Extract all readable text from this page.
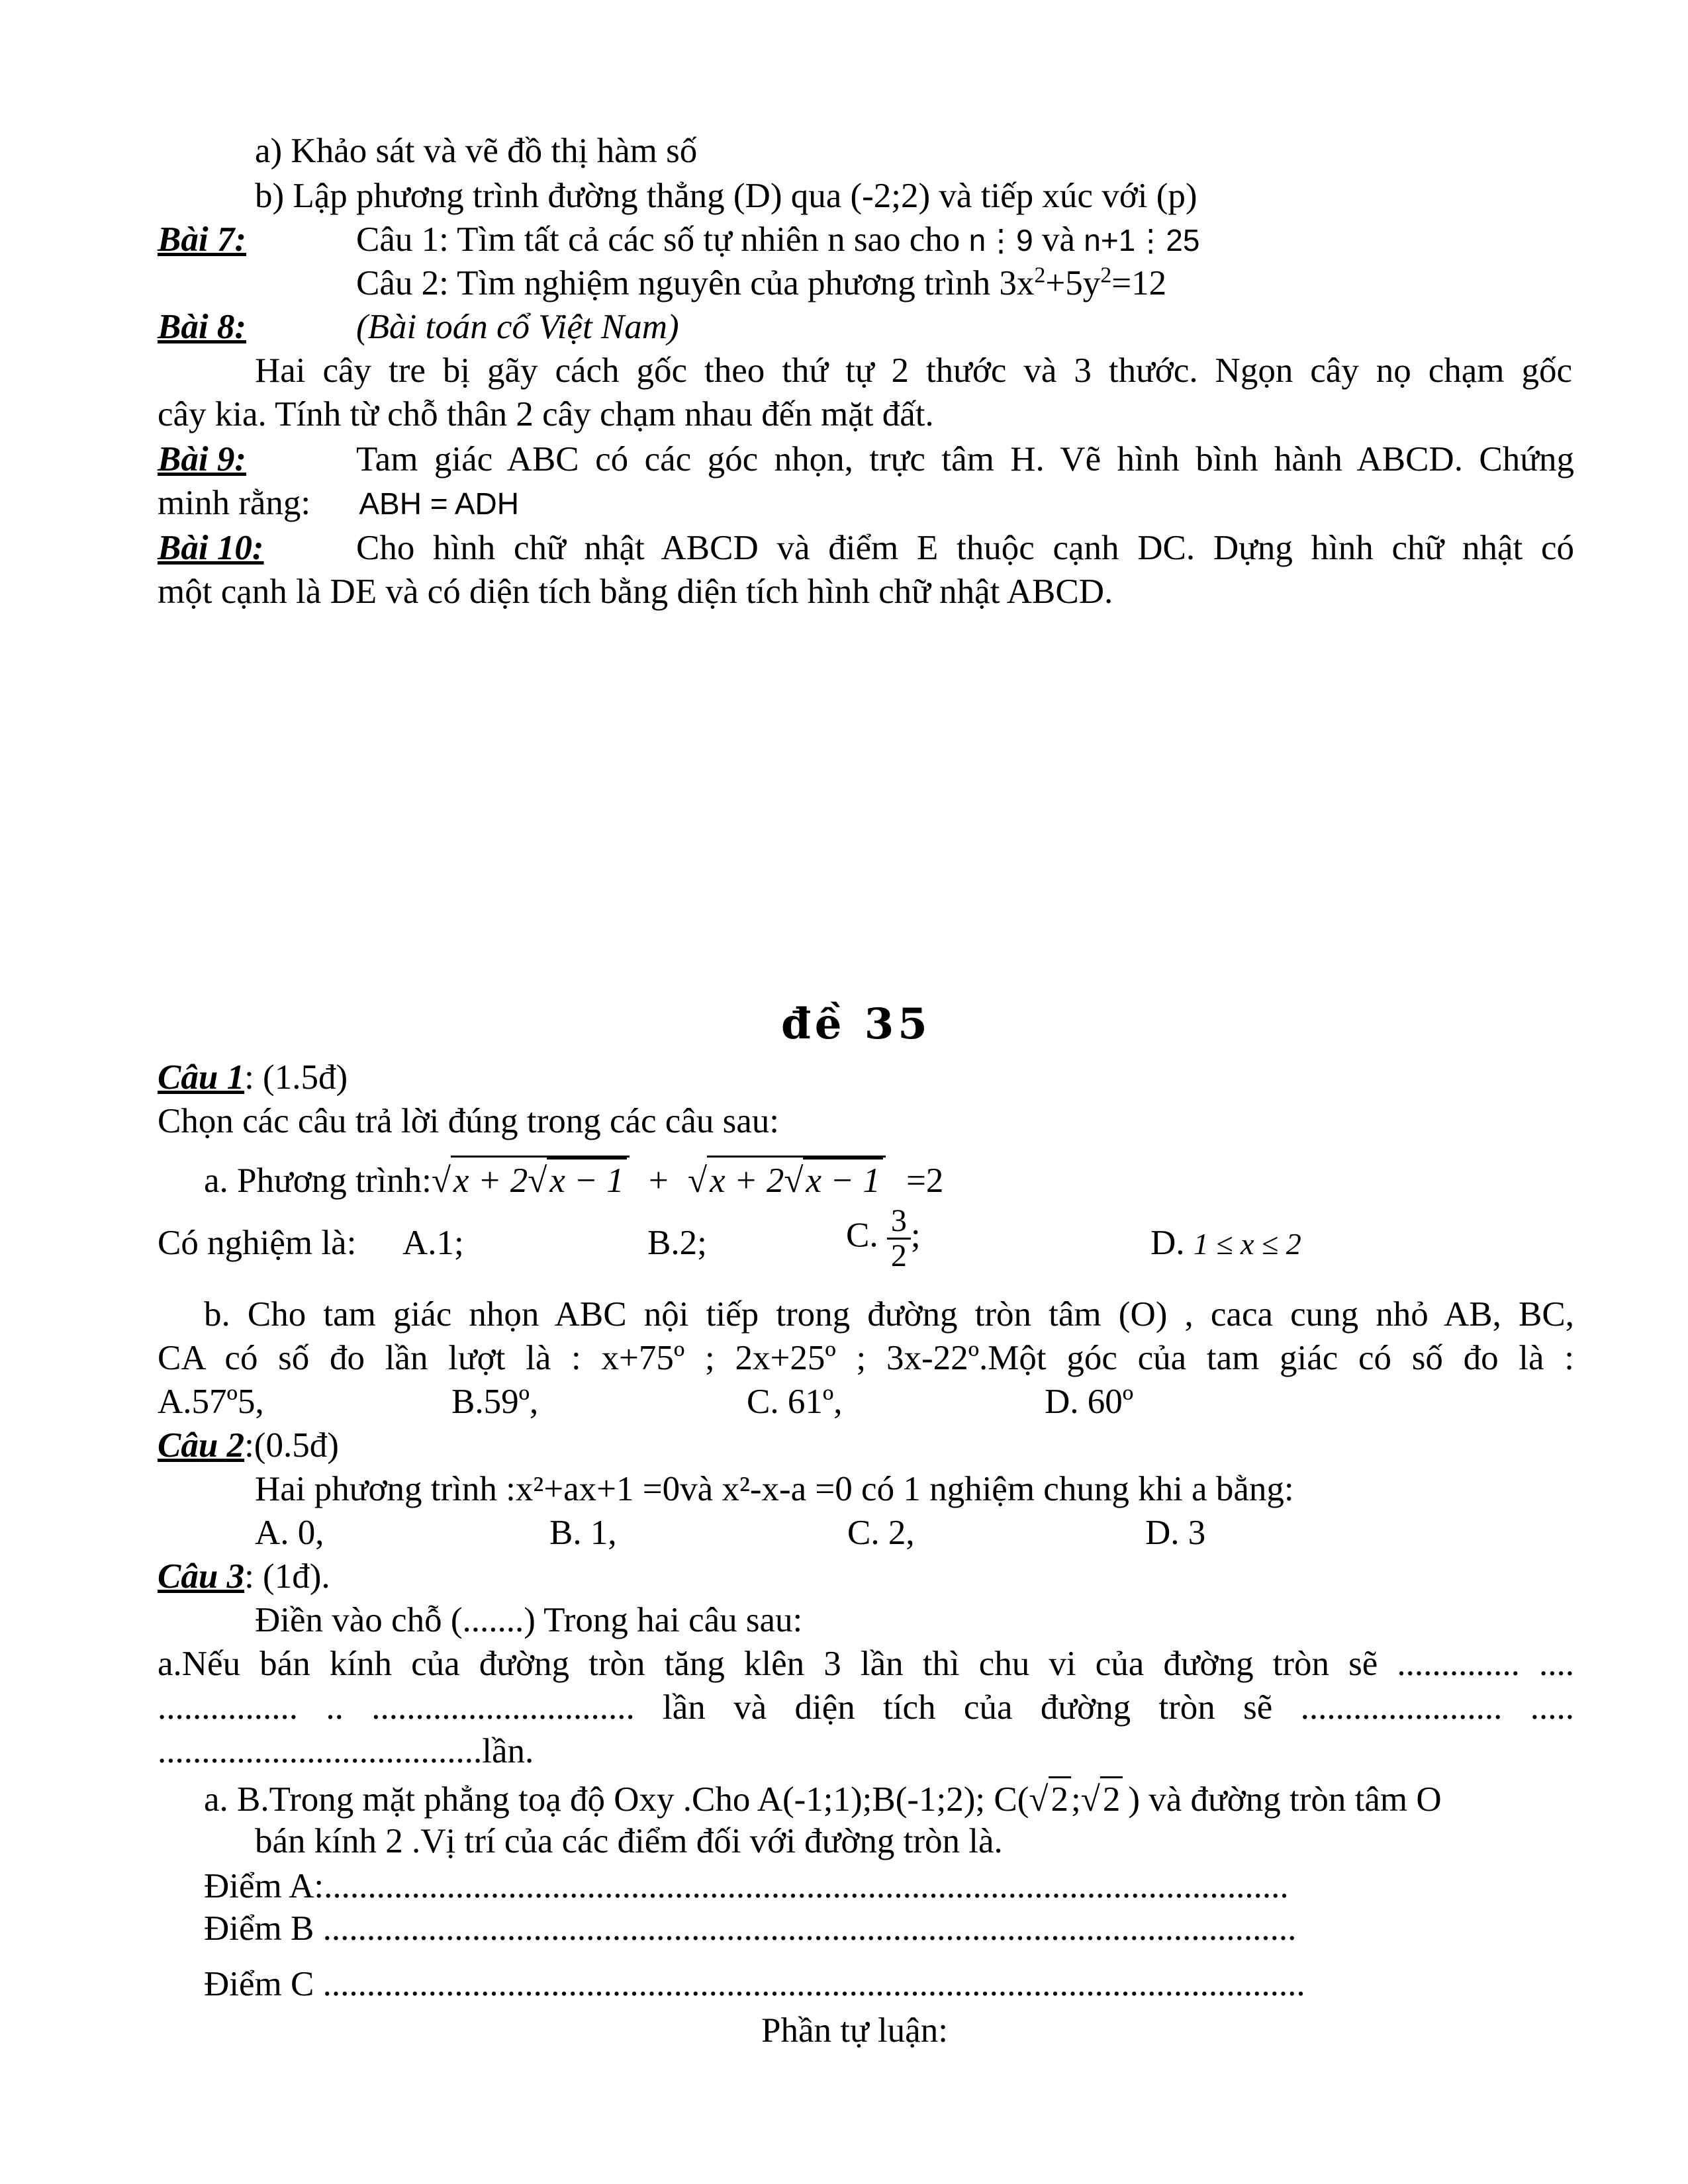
a) Khảo sát và vẽ đồ thị hàm số
b) Lập phương trình đường thẳng (D) qua (-2;2) và tiếp xúc với (p)
Bài 7:	Câu 1: Tìm tất cả các số tự nhiên n sao cho n⋮9 và n+1⋮25
Câu 2: Tìm nghiệm nguyên của phương trình $3x^2+5y^2=12$
Bài 8:	(Bài toán cổ Việt Nam)
Hai cây tre bị gãy cách gốc theo thứ tự 2 thước và 3 thước. Ngọn cây nọ chạm gốc
cây kia. Tính từ chỗ thân 2 cây chạm nhau đến mặt đất.
Bài 9:	Tam giác ABC có các góc nhọn, trực tâm H. Vẽ hình bình hành ABCD. Chứng
minh rằng: ABH = ADH
Bài 10:	Cho hình chữ nhật ABCD và điểm E thuộc cạnh DC. Dựng hình chữ nhật có
một cạnh là DE và có diện tích bằng diện tích hình chữ nhật ABCD.
đề 35
Câu 1: (1.5đ)
Chọn các câu trả lời đúng trong các câu sau:
a. Phương trình:√x + 2√x − 1 + √x + 2√x − 1 =2
Có nghiệm là: A.1;	B.2;	C. $\frac{3}{2}$ ;	D. 1 ≤ x ≤ 2
b. Cho tam giác nhọn ABC nội tiếp trong đường tròn tâm (O) , caca cung nhỏ AB, BC,
CA có số đo lần lượt là : x+75º ; 2x+25º ; 3x-22º.Một góc của tam giác có số đo là :
A.57º5,	B.59º,	C. 61º,	D. 60º
Câu 2:(0.5đ)
Hai phương trình :x²+ax+1 =0và x²-x-a =0 có 1 nghiệm chung khi a bằng:
A. 0,	B. 1,	C. 2,	D. 3
Câu 3: (1đ).
Điền vào chỗ (.......) Trong hai câu sau:
a.Nếu bán kính của đường tròn tăng klên 3 lần thì chu vi của đường tròn sẽ .............. ....
................ .. .............................. lần và diện tích của đường tròn sẽ ....................... .....
.....................................lần.
a. B.Trong mặt phẳng toạ độ Oxy .Cho A(-1;1);B(-1;2); C(√2;√2 ) và đường tròn tâm O
bán kính 2 .Vị trí của các điểm đối với đường tròn là.
Điểm A:..............................................................................................................
Điểm B ...............................................................................................................
Điểm C ................................................................................................................
Phần tự luận:
